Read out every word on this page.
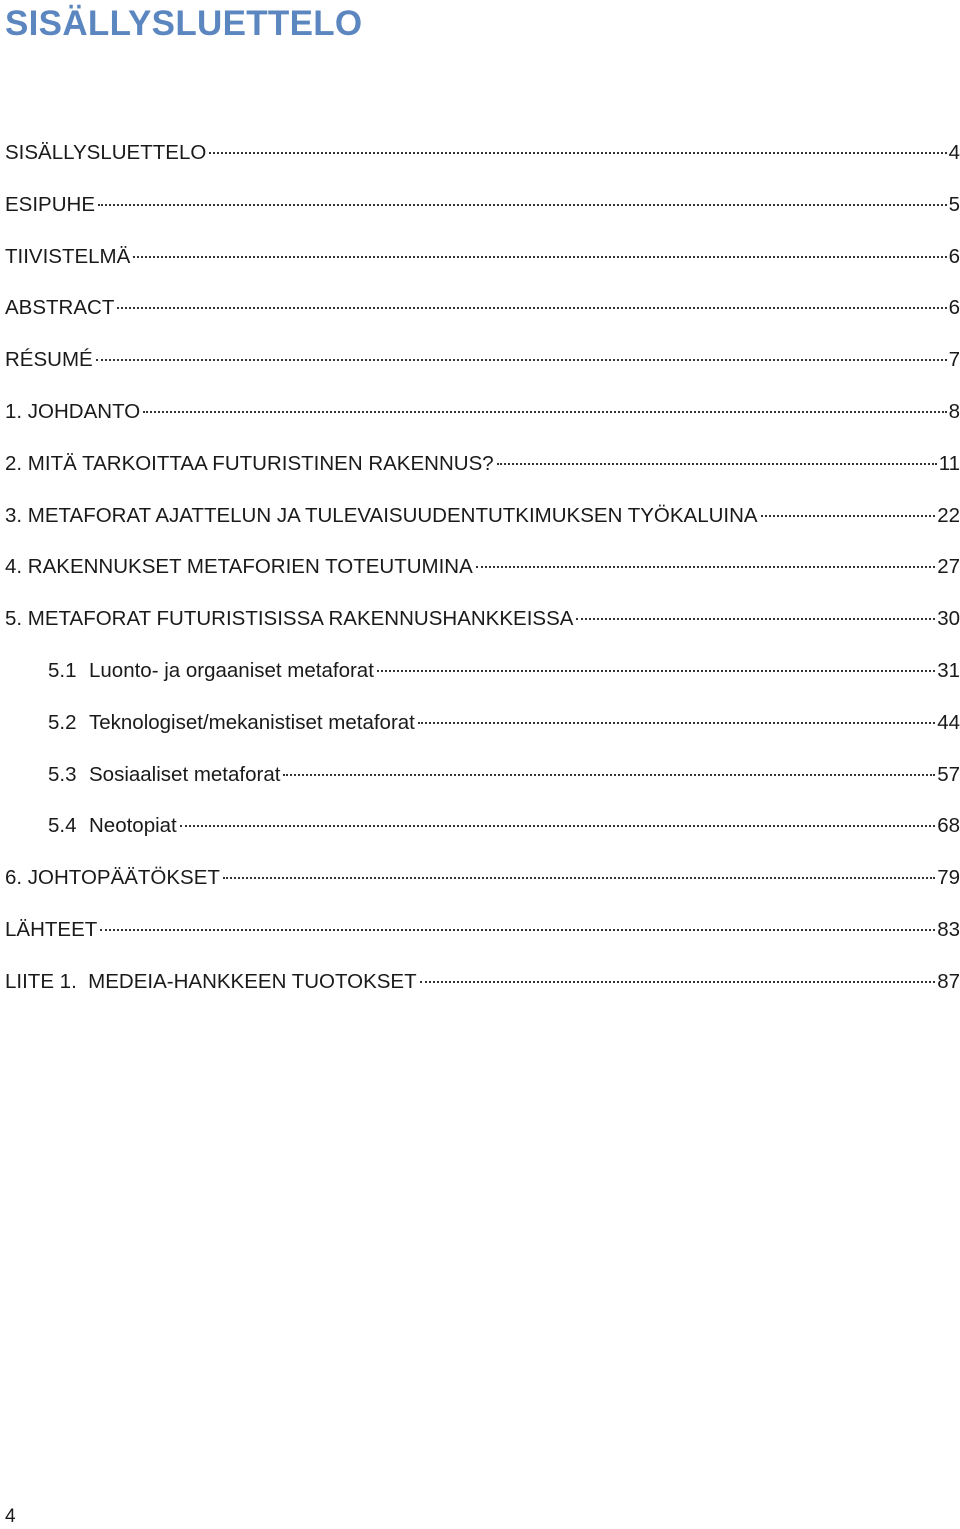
SISÄLLYSLUETTELO
SISÄLLYSLUETTELO	4
ESIPUHE	5
TIIVISTELMÄ	6
ABSTRACT	6
RÉSUMÉ	7
1. JOHDANTO	8
2. MITÄ TARKOITTAA FUTURISTINEN RAKENNUS?	11
3. METAFORAT AJATTELUN JA TULEVAISUUDENTUTKIMUKSEN TYÖKALUINA	22
4. RAKENNUKSET METAFORIEN TOTEUTUMINA	27
5. METAFORAT FUTURISTISISSA RAKENNUSHANKKEISSA	30
5.1 Luonto- ja orgaaniset metaforat	31
5.2 Teknologiset/mekanistiset metaforat	44
5.3 Sosiaaliset metaforat	57
5.4 Neotopiat	68
6. JOHTOPÄÄTÖKSET	79
LÄHTEET	83
LIITE 1.  MEDEIA-HANKKEEN TUOTOKSET	87
4
